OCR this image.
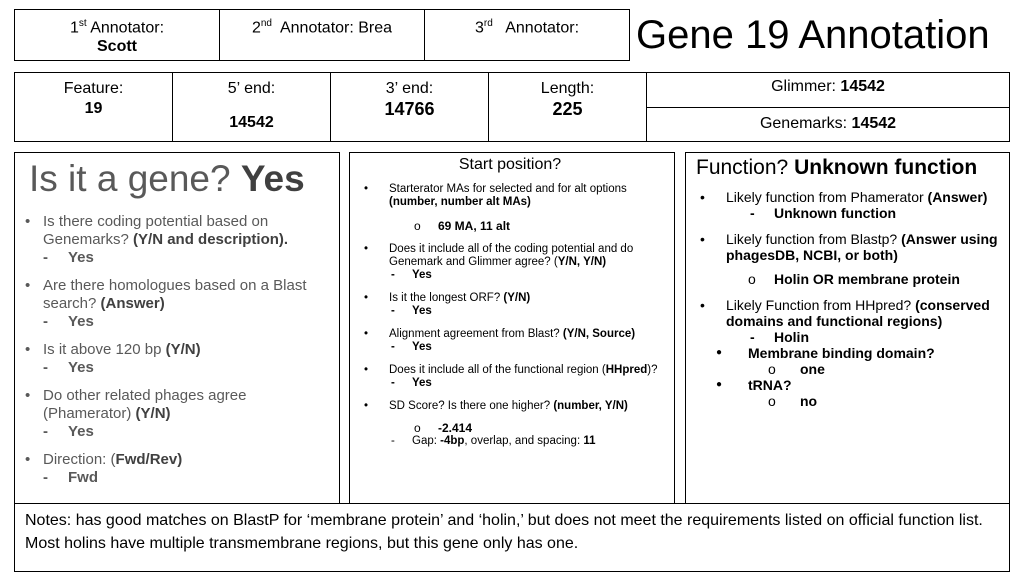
1st Annotator:
Scott
2nd Annotator: Brea	3rd Annotator:	Gene 19 Annotation
Feature:
19
5’ end:
14542
3’ end:
14766
Length:
225
Glimmer: 14542
Genemarks: 14542
Is it a gene? Yes
• Is there coding potential based on Genemarks? (Y/N and description).
- Yes
• Are there homologues based on a Blast search? (Answer)
- Yes
• Is it above 120 bp (Y/N)
- Yes
• Do other related phages agree (Phamerator) (Y/N)
- Yes
• Direction: (Fwd/Rev)
- Fwd
Start position?
• Starterator MAs for selected and for alt options (number, number alt MAs)
o 69 MA, 11 alt
• Does it include all of the coding potential and do Genemark and Glimmer agree? (Y/N, Y/N)
- Yes
• Is it the longest ORF? (Y/N)
- Yes
• Alignment agreement from Blast? (Y/N, Source)
- Yes
• Does it include all of the functional region (HHpred)?
- Yes
• SD Score? Is there one higher? (number, Y/N)
o -2.414
- Gap: -4bp, overlap, and spacing: 11
Function? Unknown function
• Likely function from Phamerator (Answer)
- Unknown function
• Likely function from Blastp? (Answer using phagesDB, NCBI, or both)
o Holin OR membrane protein
• Likely Function from HHpred? (conserved domains and functional regions)
- Holin
● Membrane binding domain?
o one
● tRNA?
o no
Notes: has good matches on BlastP for ‘membrane protein’ and ‘holin,’ but does not meet the requirements listed on official function list. Most holins have multiple transmembrane regions, but this gene only has one.
